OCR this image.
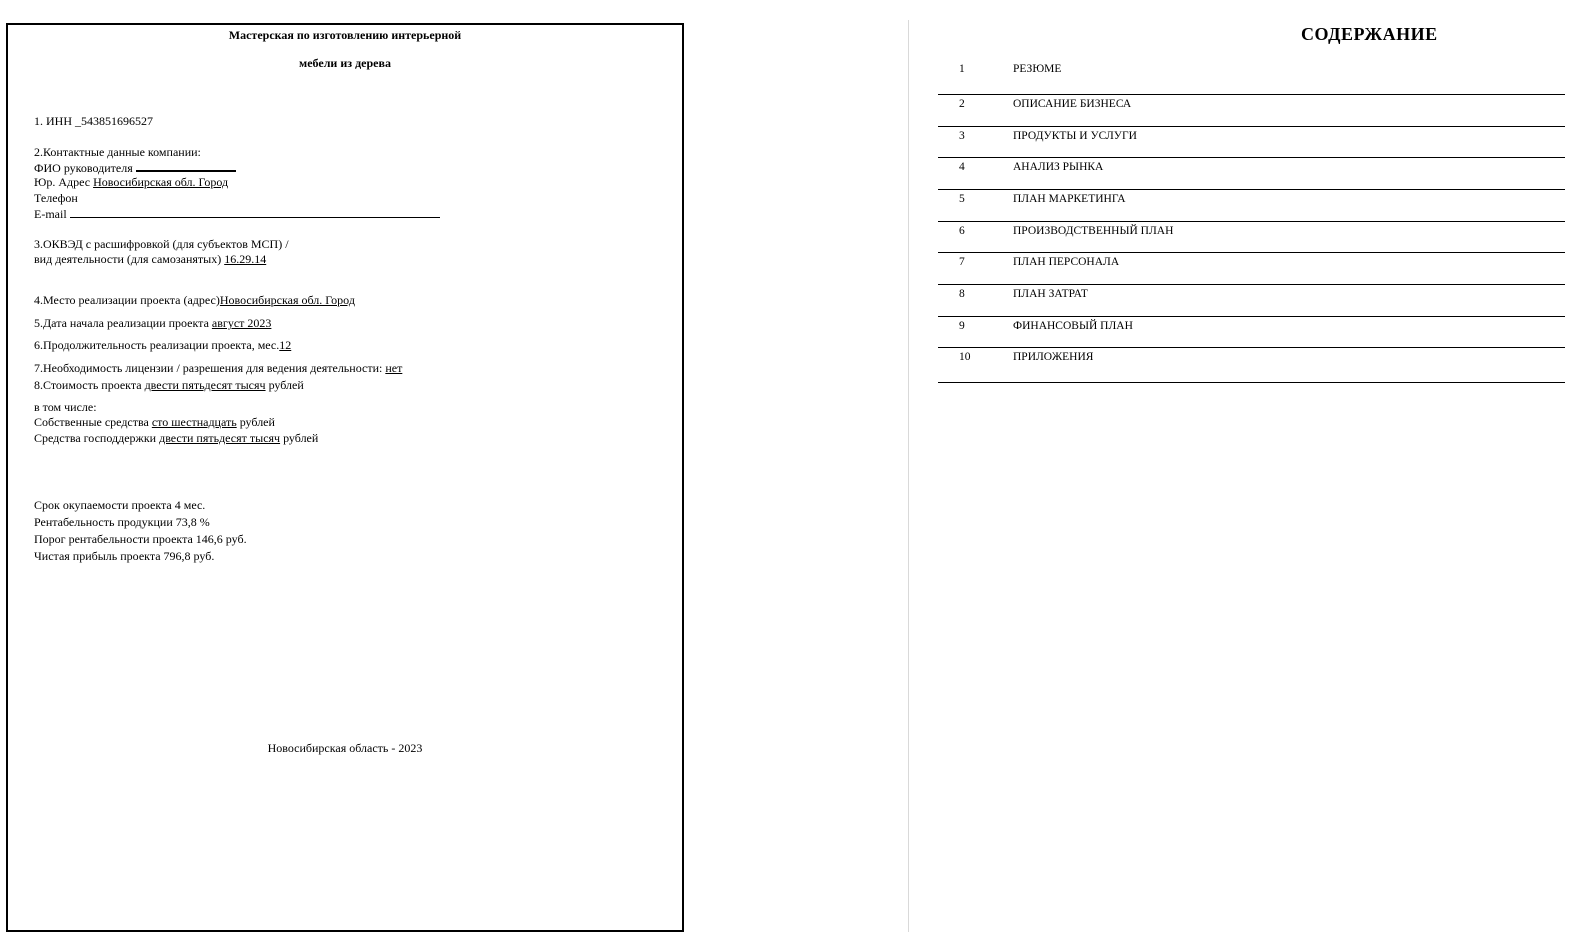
Мастерская по изготовлению интерьерной
мебели из дерева
1. ИНН _543851696527
2.Контактные данные компании:
ФИО руководителя
Юр. Адрес Новосибирская обл. Город
Телефон
E-mail
3.ОКВЭД с расшифровкой (для субъектов МСП) /
вид деятельности (для самозанятых) 16.29.14
4.Место реализации проекта (адрес)Новосибирская обл. Город
5.Дата начала реализации проекта август 2023
6.Продолжительность реализации проекта, мес.12
7.Необходимость лицензии / разрешения для ведения деятельности: нет
8.Стоимость проекта двести пятьдесят тысяч рублей
в том числе:
Собственные средства сто шестнадцать рублей
Средства господдержки двести пятьдесят тысяч рублей
Срок окупаемости проекта 4 мес.
Рентабельность продукции 73,8 %
Порог рентабельности проекта 146,6 руб.
Чистая прибыль проекта 796,8 руб.
Новосибирская область - 2023
СОДЕРЖАНИЕ
1	РЕЗЮМЕ
2	ОПИСАНИЕ БИЗНЕСА
3	ПРОДУКТЫ И УСЛУГИ
4	АНАЛИЗ РЫНКА
5	ПЛАН МАРКЕТИНГА
6	ПРОИЗВОДСТВЕННЫЙ ПЛАН
7	ПЛАН ПЕРСОНАЛА
8	ПЛАН ЗАТРАТ
9	ФИНАНСОВЫЙ ПЛАН
10	ПРИЛОЖЕНИЯ
